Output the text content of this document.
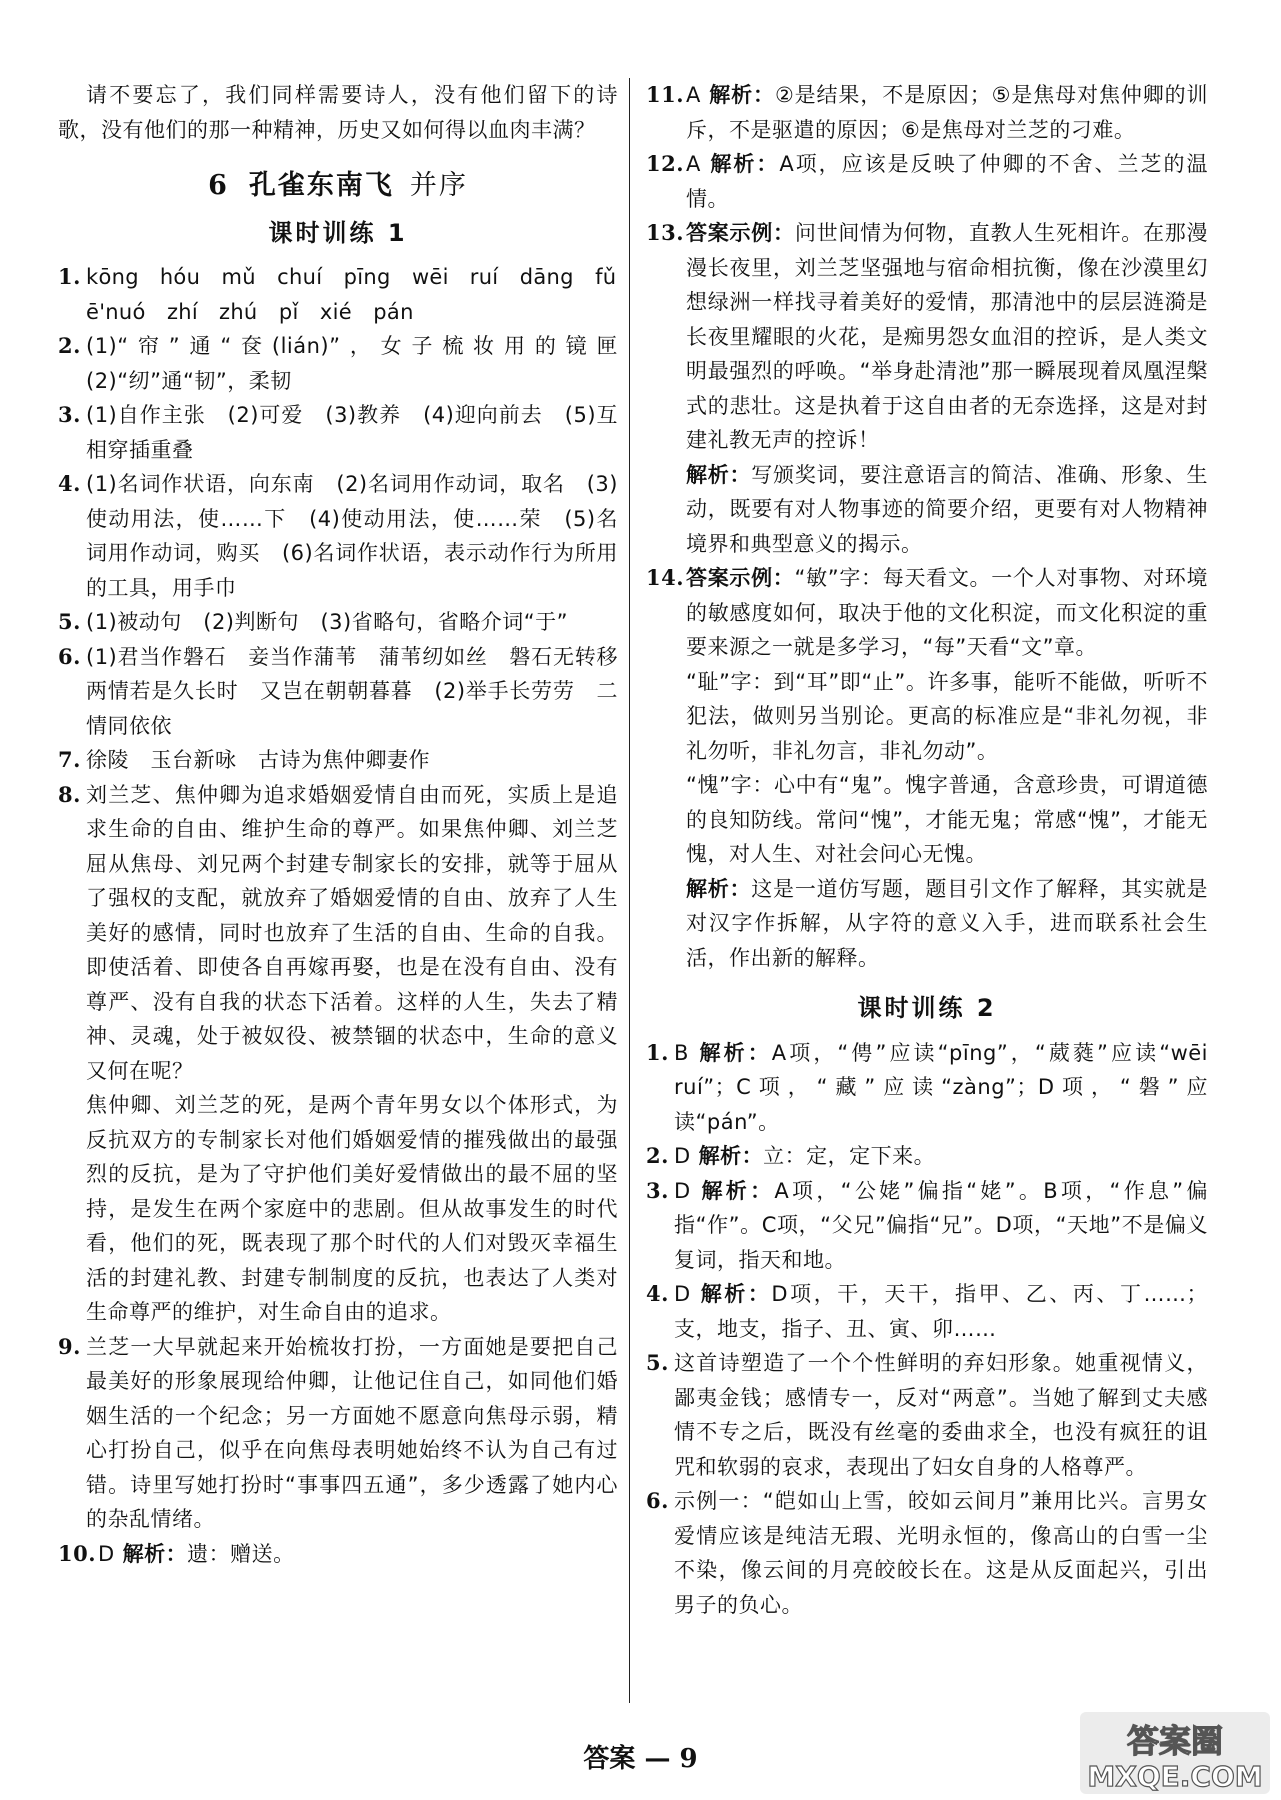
请不要忘了，我们同样需要诗人，没有他们留下的诗歌，没有他们的那一种精神，历史又如何得以血肉丰满？

6 孔雀东南飞 并序
课时训练 1
1. kōng hóu　mǔ　chuí　pīng　wēi ruí　dāng　fǔ
ē'nuó　zhí zhú　pǐ　xié　pán
2. (1)“帘”通“奁(lián)”，女子梳妆用的镜匣　(2)“纫”通“韧”，柔韧
3. (1)自作主张　(2)可爱　(3)教养　(4)迎向前去　(5)互相穿插重叠
4. (1)名词作状语，向东南　(2)名词用作动词，取名　(3)使动用法，使……下　(4)使动用法，使……荣　(5)名词用作动词，购买　(6)名词作状语，表示动作行为所用的工具，用手巾
5. (1)被动句　(2)判断句　(3)省略句，省略介词“于”
6. (1)君当作磐石　妾当作蒲苇　蒲苇纫如丝　磐石无转移　两情若是久长时　又岂在朝朝暮暮　(2)举手长劳劳　二情同依依
7. 徐陵　玉台新咏　古诗为焦仲卿妻作
8. 刘兰芝、焦仲卿为追求婚姻爱情自由而死，实质上是追求生命的自由、维护生命的尊严。如果焦仲卿、刘兰芝屈从焦母、刘兄两个封建专制家长的安排，就等于屈从了强权的支配，就放弃了婚姻爱情的自由、放弃了人生美好的感情，同时也放弃了生活的自由、生命的自我。即使活着、即使各自再嫁再娶，也是在没有自由、没有尊严、没有自我的状态下活着。这样的人生，失去了精神、灵魂，处于被奴役、被禁锢的状态中，生命的意义又何在呢？
焦仲卿、刘兰芝的死，是两个青年男女以个体形式，为反抗双方的专制家长对他们婚姻爱情的摧残做出的最强烈的反抗，是为了守护他们美好爱情做出的最不屈的坚持，是发生在两个家庭中的悲剧。但从故事发生的时代看，他们的死，既表现了那个时代的人们对毁灭幸福生活的封建礼教、封建专制制度的反抗，也表达了人类对生命尊严的维护，对生命自由的追求。
9. 兰芝一大早就起来开始梳妆打扮，一方面她是要把自己最美好的形象展现给仲卿，让他记住自己，如同他们婚姻生活的一个纪念；另一方面她不愿意向焦母示弱，精心打扮自己，似乎在向焦母表明她始终不认为自己有过错。诗里写她打扮时“事事四五通”，多少透露了她内心的杂乱情绪。
10. D 解析：遗：赠送。
11. A 解析：②是结果，不是原因；⑤是焦母对焦仲卿的训斥，不是驱遣的原因；⑥是焦母对兰芝的刁难。
12. A 解析：A项，应该是反映了仲卿的不舍、兰芝的温情。
13. 答案示例：问世间情为何物，直教人生死相许。在那漫漫长夜里，刘兰芝坚强地与宿命相抗衡，像在沙漠里幻想绿洲一样找寻着美好的爱情，那清池中的层层涟漪是长夜里耀眼的火花，是痴男怨女血泪的控诉，是人类文明最强烈的呼唤。“举身赴清池”那一瞬展现着凤凰涅槃式的悲壮。这是执着于这自由者的无奈选择，这是对封建礼教无声的控诉！
解析：写颁奖词，要注意语言的简洁、准确、形象、生动，既要有对人物事迹的简要介绍，更要有对人物精神境界和典型意义的揭示。
14. 答案示例：“敏”字：每天看文。一个人对事物、对环境的敏感度如何，取决于他的文化积淀，而文化积淀的重要来源之一就是多学习，“每”天看“文”章。
“耻”字：到“耳”即“止”。许多事，能听不能做，听听不犯法，做则另当别论。更高的标准应是“非礼勿视，非礼勿听，非礼勿言，非礼勿动”。
“愧”字：心中有“鬼”。愧字普通，含意珍贵，可谓道德的良知防线。常问“愧”，才能无鬼；常感“愧”，才能无愧，对人生、对社会问心无愧。
解析：这是一道仿写题，题目引文作了解释，其实就是对汉字作拆解，从字符的意义入手，进而联系社会生活，作出新的解释。
课时训练 2
1. B 解析：A项，“俜”应读“pīng”，“葳蕤”应读“wēi ruí”；C项，“藏”应读“zàng”；D项，“磐”应读“pán”。
2. D 解析：立：定，定下来。
3. D 解析：A项，“公姥”偏指“姥”。B项，“作息”偏指“作”。C项，“父兄”偏指“兄”。D项，“天地”不是偏义复词，指天和地。
4. D 解析：D项，干，天干，指甲、乙、丙、丁……；支，地支，指子、丑、寅、卯……
5. 这首诗塑造了一个个性鲜明的弃妇形象。她重视情义，鄙夷金钱；感情专一，反对“两意”。当她了解到丈夫感情不专之后，既没有丝毫的委曲求全，也没有疯狂的诅咒和软弱的哀求，表现出了妇女自身的人格尊严。
6. 示例一：“皑如山上雪，皎如云间月”兼用比兴。言男女爱情应该是纯洁无瑕、光明永恒的，像高山的白雪一尘不染，像云间的月亮皎皎长在。这是从反面起兴，引出男子的负心。
答案 — 9	答案圈
MXQE.COM
